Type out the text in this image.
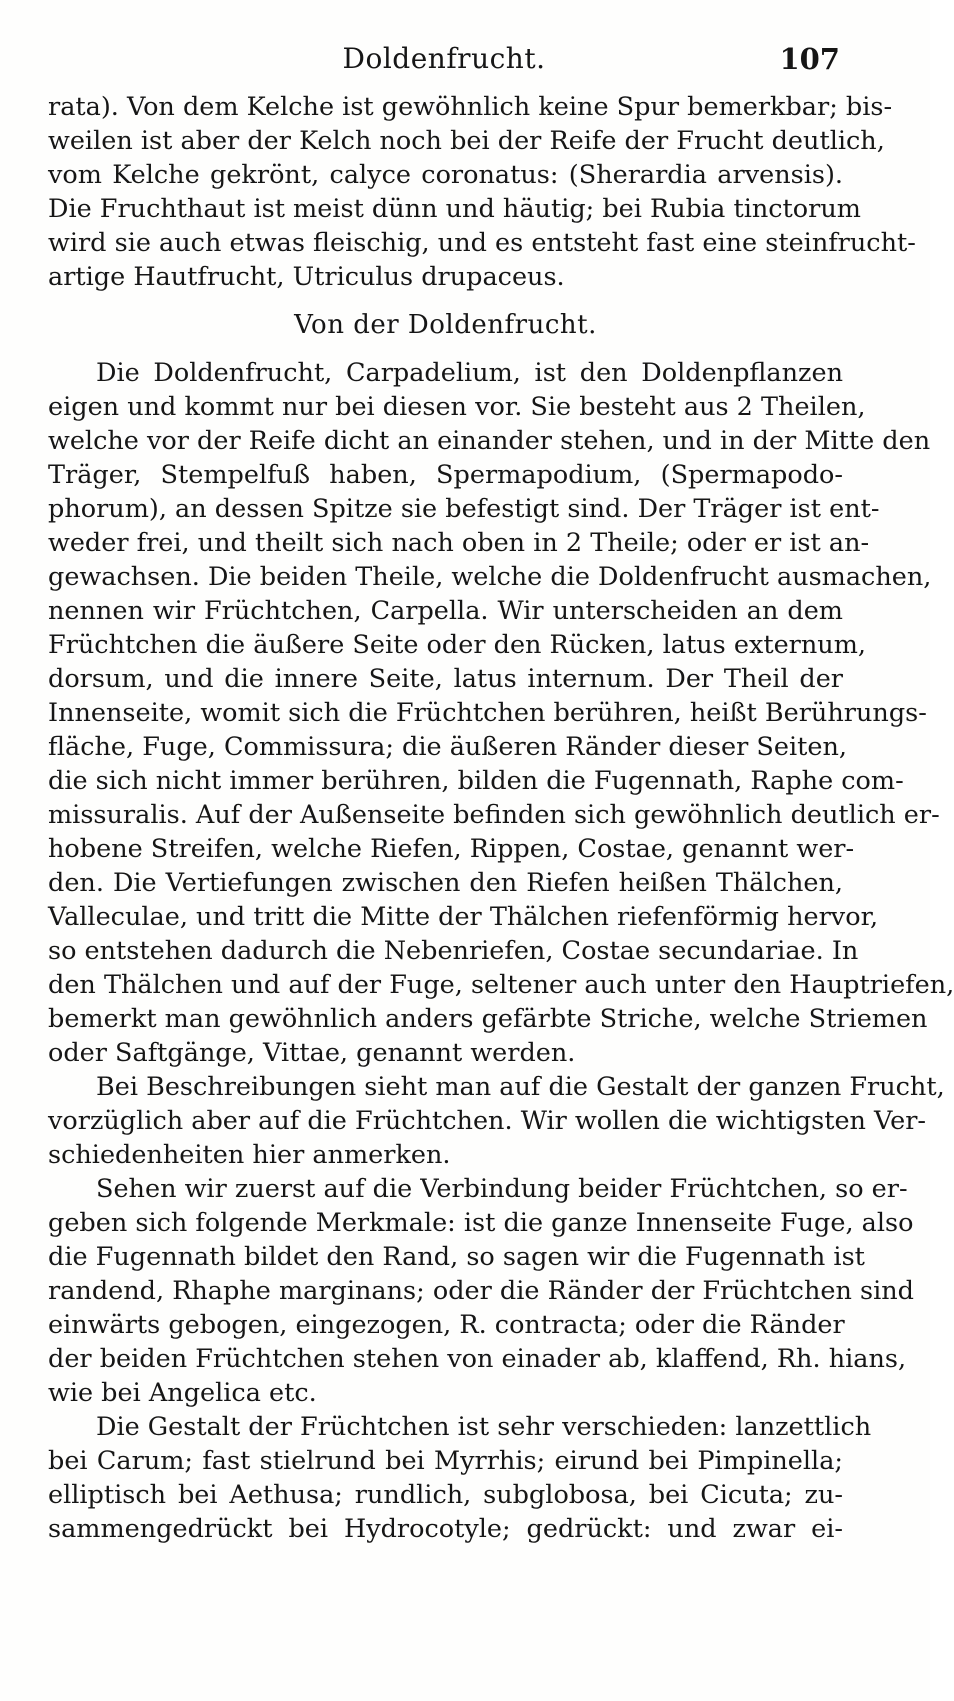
Doldenfrucht.	107
rata). Von dem Kelche ist gewöhnlich keine Spur bemerkbar; bis-
weilen ist aber der Kelch noch bei der Reife der Frucht deutlich,
vom Kelche gekrönt, calyce coronatus: (Sherardia arvensis).
Die Fruchthaut ist meist dünn und häutig; bei Rubia tinctorum
wird sie auch etwas fleischig, und es entsteht fast eine steinfrucht-
artige Hautfrucht, Utriculus drupaceus.
Von der Doldenfrucht.
Die Doldenfrucht, Carpadelium, ist den Doldenpflanzen
eigen und kommt nur bei diesen vor. Sie besteht aus 2 Theilen,
welche vor der Reife dicht an einander stehen, und in der Mitte den
Träger, Stempelfuß haben, Spermapodium, (Spermapodo-
phorum), an dessen Spitze sie befestigt sind. Der Träger ist ent-
weder frei, und theilt sich nach oben in 2 Theile; oder er ist an-
gewachsen. Die beiden Theile, welche die Doldenfrucht ausmachen,
nennen wir Früchtchen, Carpella. Wir unterscheiden an dem
Früchtchen die äußere Seite oder den Rücken, latus externum,
dorsum, und die innere Seite, latus internum. Der Theil der
Innenseite, womit sich die Früchtchen berühren, heißt Berührungs-
fläche, Fuge, Commissura; die äußeren Ränder dieser Seiten,
die sich nicht immer berühren, bilden die Fugennath, Raphe com-
missuralis. Auf der Außenseite befinden sich gewöhnlich deutlich er-
hobene Streifen, welche Riefen, Rippen, Costae, genannt wer-
den. Die Vertiefungen zwischen den Riefen heißen Thälchen,
Valleculae, und tritt die Mitte der Thälchen riefenförmig hervor,
so entstehen dadurch die Nebenriefen, Costae secundariae. In
den Thälchen und auf der Fuge, seltener auch unter den Hauptriefen,
bemerkt man gewöhnlich anders gefärbte Striche, welche Striemen
oder Saftgänge, Vittae, genannt werden.
Bei Beschreibungen sieht man auf die Gestalt der ganzen Frucht,
vorzüglich aber auf die Früchtchen. Wir wollen die wichtigsten Ver-
schiedenheiten hier anmerken.
Sehen wir zuerst auf die Verbindung beider Früchtchen, so er-
geben sich folgende Merkmale: ist die ganze Innenseite Fuge, also
die Fugennath bildet den Rand, so sagen wir die Fugennath ist
randend, Rhaphe marginans; oder die Ränder der Früchtchen sind
einwärts gebogen, eingezogen, R. contracta; oder die Ränder
der beiden Früchtchen stehen von einader ab, klaffend, Rh. hians,
wie bei Angelica etc.
Die Gestalt der Früchtchen ist sehr verschieden: lanzettlich
bei Carum; fast stielrund bei Myrrhis; eirund bei Pimpinella;
elliptisch bei Aethusa; rundlich, subglobosa, bei Cicuta; zu-
sammengedrückt bei Hydrocotyle; gedrückt: und zwar ei-
